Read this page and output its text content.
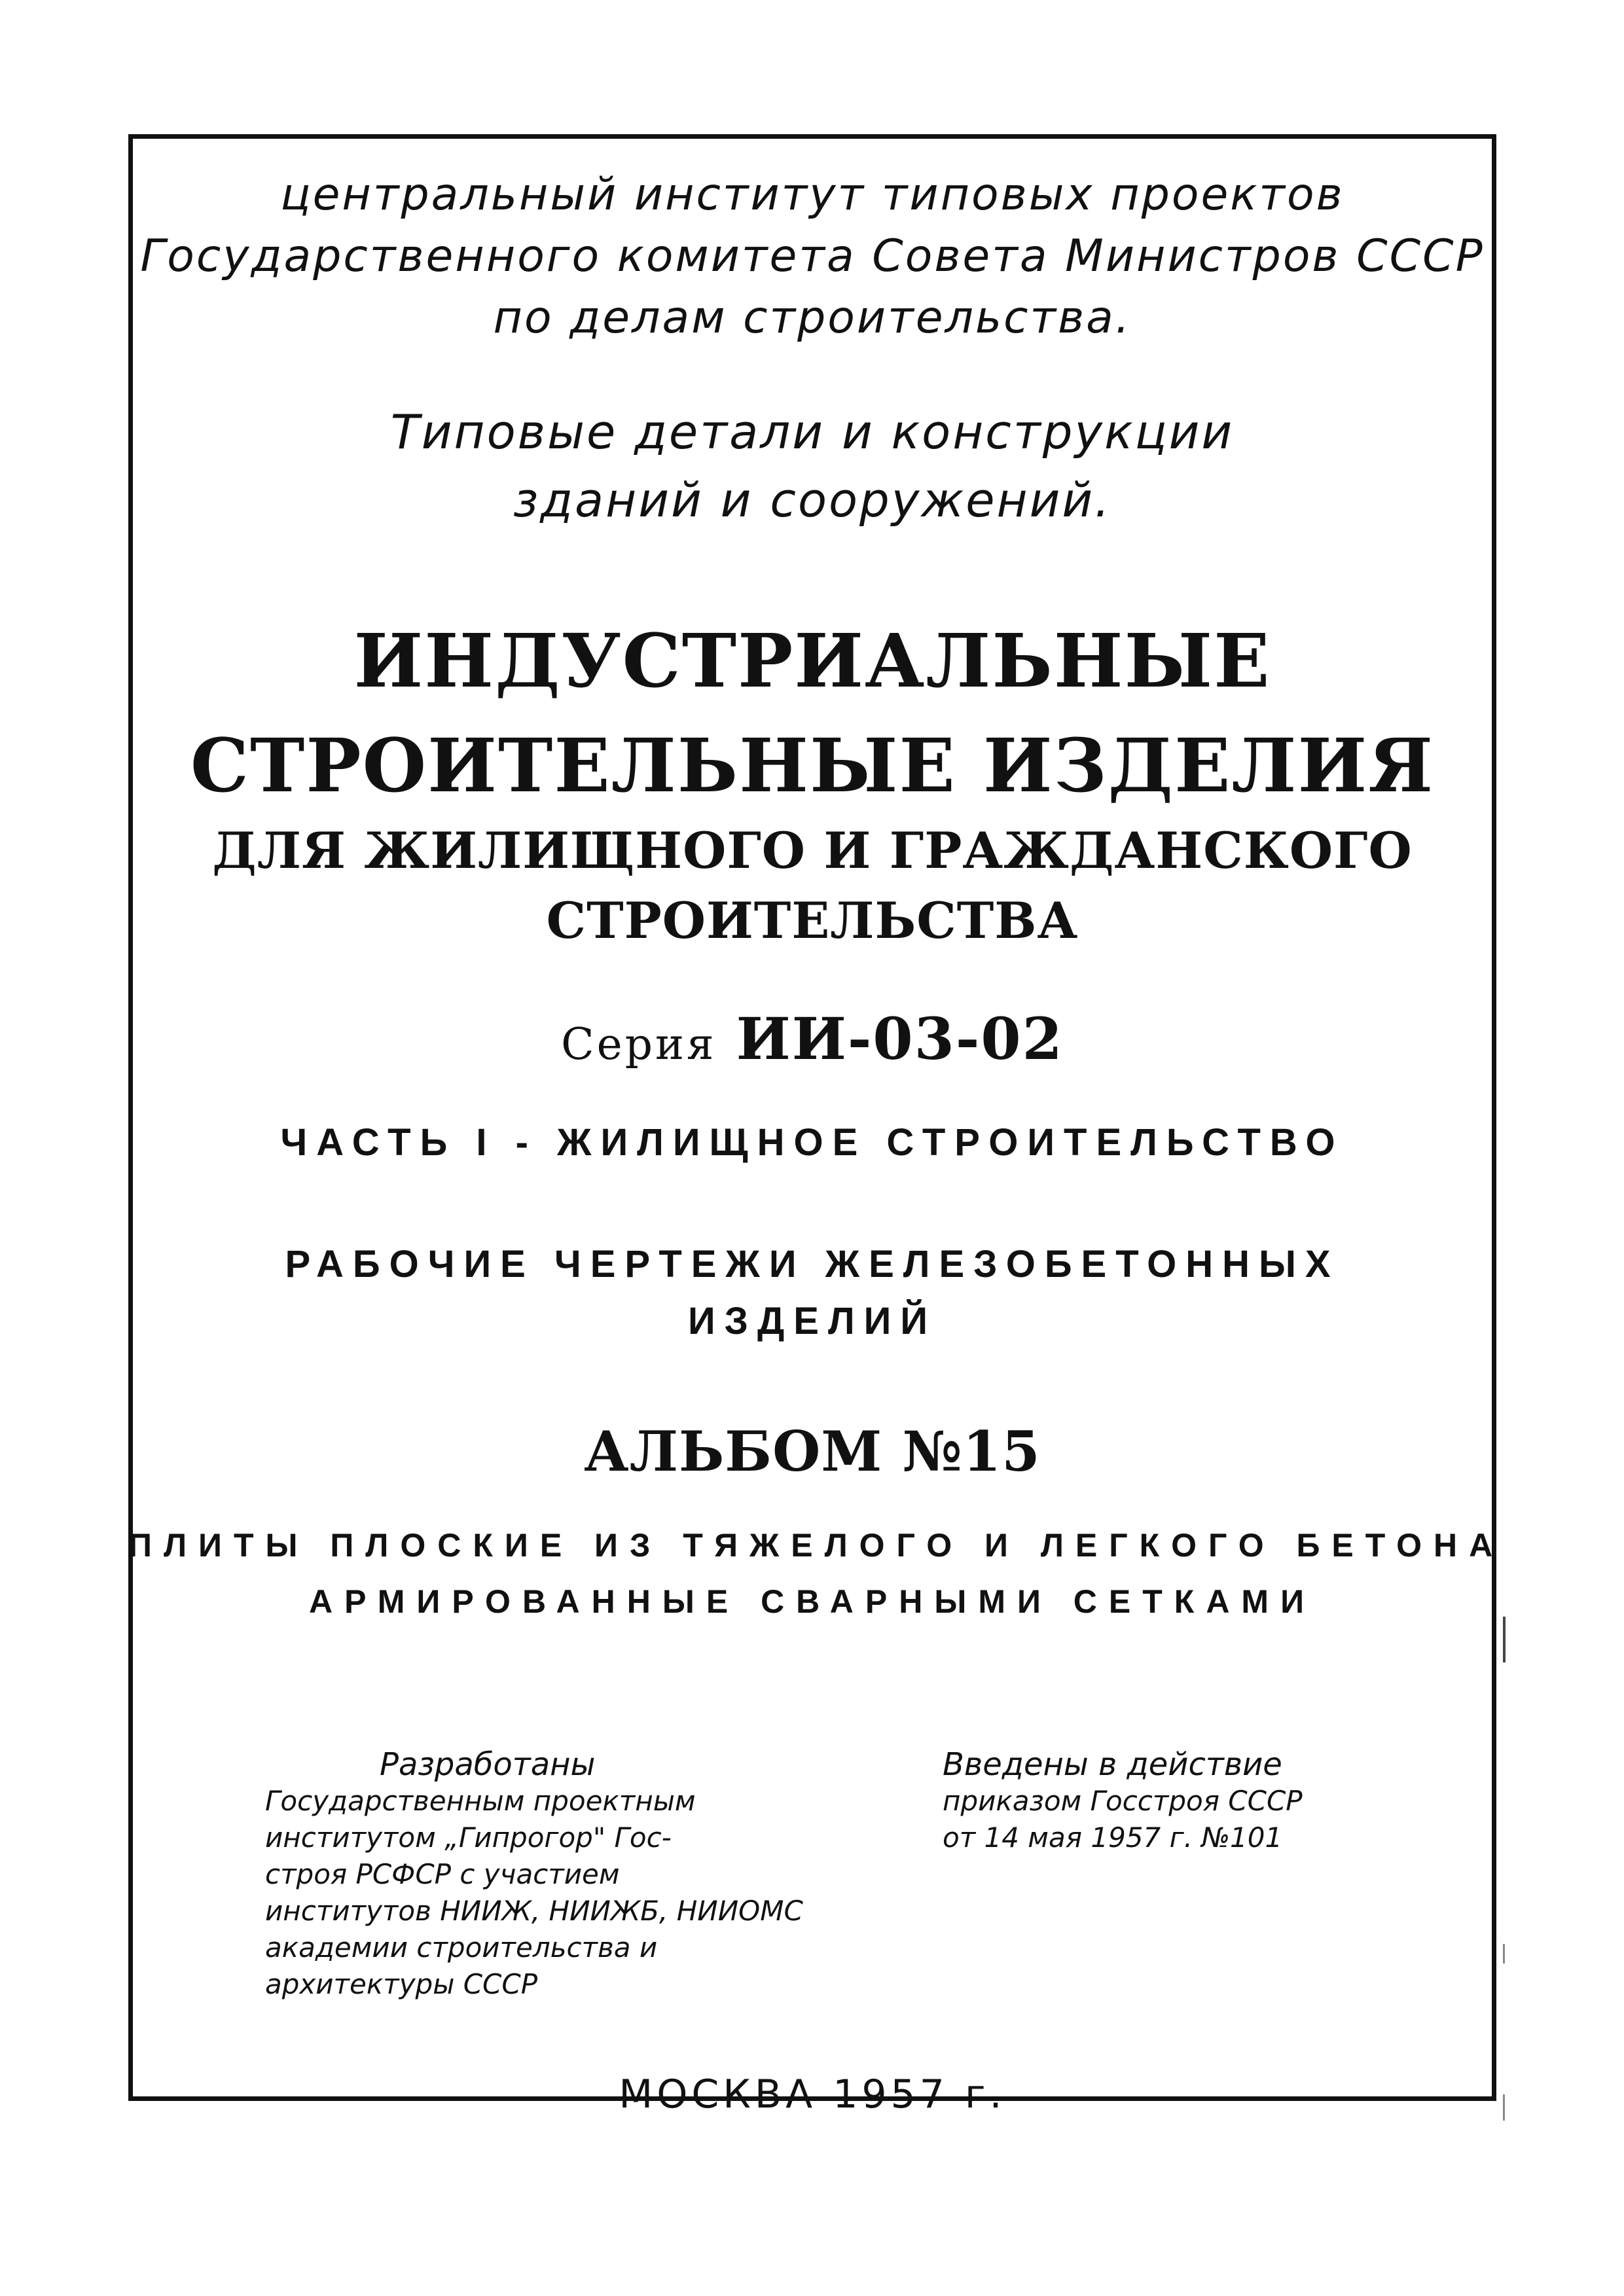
центральный институт типовых проектов
Государственного комитета Совета Министров СССР
по делам строительства.
Типовые детали и конструкции
зданий и сооружений.
ИНДУСТРИАЛЬНЫЕ
СТРОИТЕЛЬНЫЕ ИЗДЕЛИЯ
ДЛЯ ЖИЛИЩНОГО И ГРАЖДАНСКОГО
СТРОИТЕЛЬСТВА
Серия ИИ-03-02
ЧАСТЬ I - ЖИЛИЩНОЕ СТРОИТЕЛЬСТВО
РАБОЧИЕ ЧЕРТЕЖИ ЖЕЛЕЗОБЕТОННЫХ
ИЗДЕЛИЙ
АЛЬБОМ №15
ПЛИТЫ ПЛОСКИЕ ИЗ ТЯЖЕЛОГО И ЛЕГКОГО БЕТОНА
АРМИРОВАННЫЕ СВАРНЫМИ СЕТКАМИ
Разработаны
Государственным проектным
институтом „Гипрогор" Гос-
строя РСФСР с участием
институтов НИИЖ, НИИЖБ, НИИОМС
академии строительства и
архитектуры СССР
Введены в действие
приказом Госстроя СССР
от 14 мая 1957 г. №101
МОСКВА 1957 г.
